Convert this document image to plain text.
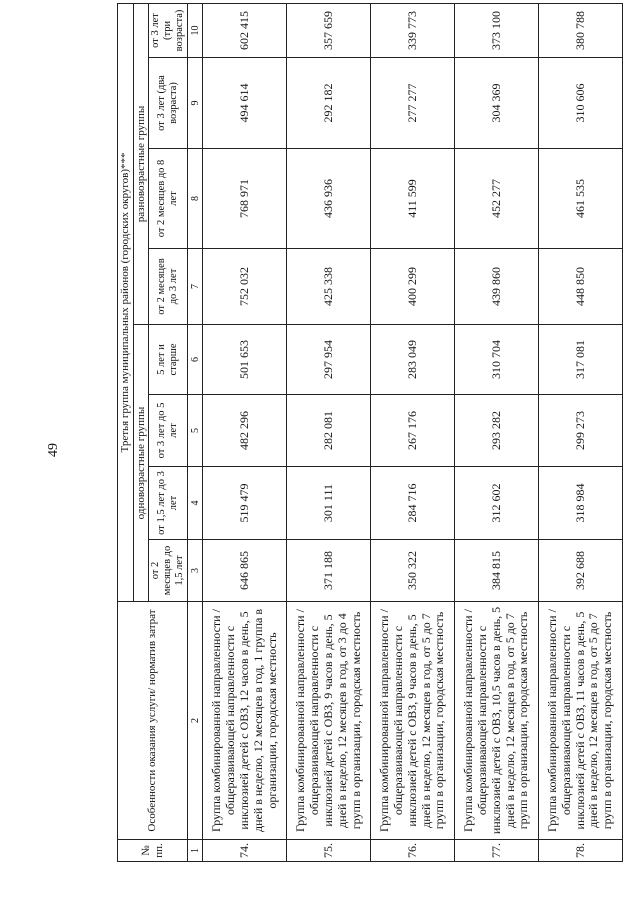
49
№ пп.	Особенности оказания услуги/ норматив затрат	Третья группа муниципальных районов (городских округов)***							
		одновозрастные группы				разновозрастные группы			
		от 2 месяцев до 1,5 лет	от 1,5 лет до 3 лет	от 3 лет до 5 лет	5 лет и старше	от 2 месяцев до 3 лет	от 2 месяцев до 8 лет	от 3 лет (два возраста)	от 3 лет (три возраста)
1	2	3	4	5	6	7	8	9	10
74.	Группа комбинированной направленности / общеразвивающей направленности с инклюзией детей с ОВЗ, 12 часов в день, 5 дней в неделю, 12 месяцев в год, 1 группа в организации, городская местность	646 865	519 479	482 296	501 653	752 032	768 971	494 614	602 415
75.	Группа комбинированной направленности / общеразвивающей направленности с инклюзией детей с ОВЗ, 9 часов в день, 5 дней в неделю, 12 месяцев в год, от 3 до 4 групп в организации, городская местность	371 188	301 111	282 081	297 954	425 338	436 936	292 182	357 659
76.	Группа комбинированной направленности / общеразвивающей направленности с инклюзией детей с ОВЗ, 9 часов в день, 5 дней в неделю, 12 месяцев в год, от 5 до 7 групп в организации, городская местность	350 322	284 716	267 176	283 049	400 299	411 599	277 277	339 773
77.	Группа комбинированной направленности / общеразвивающей направленности с инклюзией детей с ОВЗ, 10,5 часов в день, 5 дней в неделю, 12 месяцев в год, от 5 до 7 групп в организации, городская местность	384 815	312 602	293 282	310 704	439 860	452 277	304 369	373 100
78.	Группа комбинированной направленности / общеразвивающей направленности с инклюзией детей с ОВЗ, 11 часов в день, 5 дней в неделю, 12 месяцев в год, от 5 до 7 групп в организации, городская местность	392 688	318 984	299 273	317 081	448 850	461 535	310 606	380 788
